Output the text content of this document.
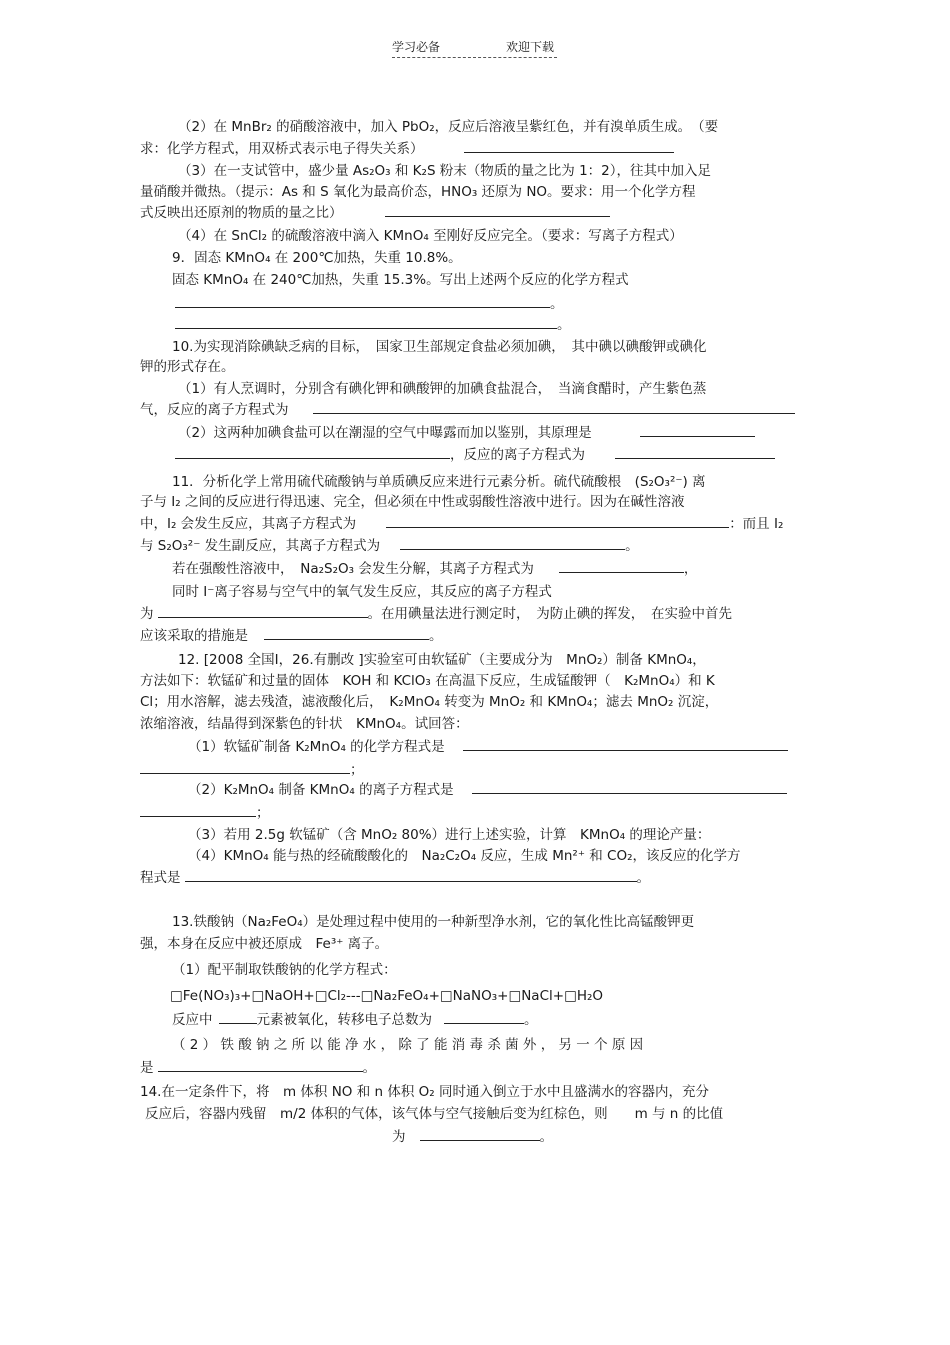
学习必备	欢迎下载
（2）在 MnBr₂ 的硝酸溶液中，加入 PbO₂，反应后溶液呈紫红色，并有溴单质生成。　（要
求：化学方程式，用双桥式表示电子得失关系）
（3）在一支试管中，盛少量 As₂O₃ 和 K₂S 粉末（物质的量之比为 1：2），往其中加入足
量硝酸并微热。（提示：As 和 S 氧化为最高价态，HNO₃ 还原为 NO。要求：用一个化学方程
式反映出还原剂的物质的量之比）
（4）在 SnCl₂ 的硫酸溶液中滴入 KMnO₄ 至刚好反应完全。（要求：写离子方程式）
9．固态 KMnO₄ 在 200℃加热，失重 10.8%。
固态 KMnO₄ 在 240℃加热，失重 15.3%。写出上述两个反应的化学方程式
。
。
10.为实现消除碘缺乏病的目标，　国家卫生部规定食盐必须加碘，　其中碘以碘酸钾或碘化
钾的形式存在。
（1）有人烹调时，分别含有碘化钾和碘酸钾的加碘食盐混合，　当滴食醋时，产生紫色蒸
气，反应的离子方程式为
（2）这两种加碘食盐可以在潮湿的空气中曝露而加以鉴别，其原理是
，反应的离子方程式为
11．分析化学上常用硫代硫酸钠与单质碘反应来进行元素分析。硫代硫酸根　(S₂O₃²⁻) 离
子与 I₂ 之间的反应进行得迅速、完全，但必须在中性或弱酸性溶液中进行。因为在碱性溶液
中，I₂ 会发生反应，其离子方程式为	：而且 I₂
与 S₂O₃²⁻ 发生副反应，其离子方程式为	。
若在强酸性溶液中，　Na₂S₂O₃ 会发生分解，其离子方程式为	，
同时 I⁻离子容易与空气中的氧气发生反应，其反应的离子方程式
为	。在用碘量法进行测定时，　为防止碘的挥发，　在实验中首先
应该采取的措施是	。
12. [2008 全国Ⅰ，26.有删改 ]实验室可由软锰矿（主要成分为　MnO₂）制备 KMnO₄，
方法如下：软锰矿和过量的固体　KOH 和 KClO₃ 在高温下反应，生成锰酸钾（　K₂MnO₄）和 K
Cl；用水溶解，滤去残渣，滤液酸化后，　K₂MnO₄ 转变为 MnO₂ 和 KMnO₄；滤去 MnO₂ 沉淀，
浓缩溶液，结晶得到深紫色的针状　KMnO₄。试回答：
（1）软锰矿制备 K₂MnO₄ 的化学方程式是
；
（2）K₂MnO₄ 制备 KMnO₄ 的离子方程式是
；
（3）若用 2.5g 软锰矿（含 MnO₂ 80%）进行上述实验，计算　KMnO₄ 的理论产量：
（4）KMnO₄ 能与热的经硫酸酸化的　Na₂C₂O₄ 反应，生成 Mn²⁺ 和 CO₂，该反应的化学方
程式是	。
13.铁酸钠（Na₂FeO₄）是处理过程中使用的一种新型净水剂，它的氧化性比高锰酸钾更
强，本身在反应中被还原成　Fe³⁺ 离子。
（1）配平制取铁酸钠的化学方程式：
□Fe(NO₃)₃+□NaOH+□Cl₂---□Na₂FeO₄+□NaNO₃+□NaCl+□H₂O
反应中	元素被氧化，转移电子总数为	。
（ 2 ） 铁 酸 钠 之 所 以 能 净 水 ， 除 了 能 消 毒 杀 菌 外 ， 另 一 个 原 因
是	。
14.在一定条件下，将　m 体积 NO 和 n 体积 O₂ 同时通入倒立于水中且盛满水的容器内，充分
反应后，容器内残留　m/2 体积的气体，该气体与空气接触后变为红棕色，则　　m 与 n 的比值
为	。
